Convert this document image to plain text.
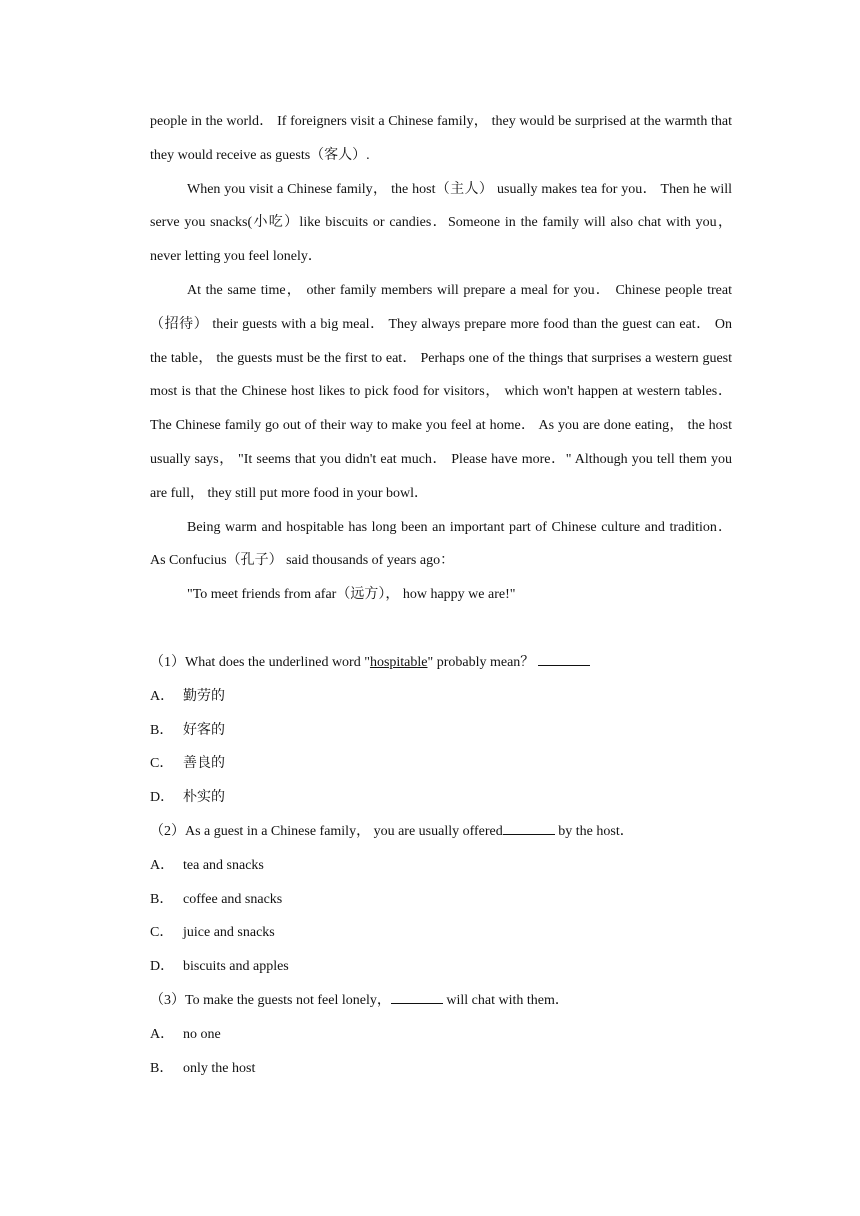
people in the world． If foreigners visit a Chinese family， they would be surprised at the warmth that they would receive as guests（客人）.

When you visit a Chinese family， the host（主人） usually makes tea for you． Then he will serve you snacks(小吃）like biscuits or candies．Someone in the family will also chat with you， never letting you feel lonely．

At the same time， other family members will prepare a meal for you． Chinese people treat（招待） their guests with a big meal． They always prepare more food than the guest can eat． On the table， the guests must be the first to eat． Perhaps one of the things that surprises a western guest most is that the Chinese host likes to pick food for visitors， which won't happen at western tables． The Chinese family go out of their way to make you feel at home． As you are done eating， the host usually says， "It seems that you didn't eat much． Please have more．" Although you tell them you are full， they still put more food in your bowl．

Being warm and hospitable has long been an important part of Chinese culture and tradition． As Confucius（孔子） said thousands of years ago：

"To meet friends from afar（远方）， how happy we are!"

（1）What does the underlined word "hospitable" probably mean？
A． 勤劳的
B． 好客的
C． 善良的
D． 朴实的
（2）As a guest in a Chinese family， you are usually offered	by the host．
A． tea and snacks
B． coffee and snacks
C． juice and snacks
D． biscuits and apples
（3）To make the guests not feel lonely，	will chat with them．
A． no one
B． only the host
